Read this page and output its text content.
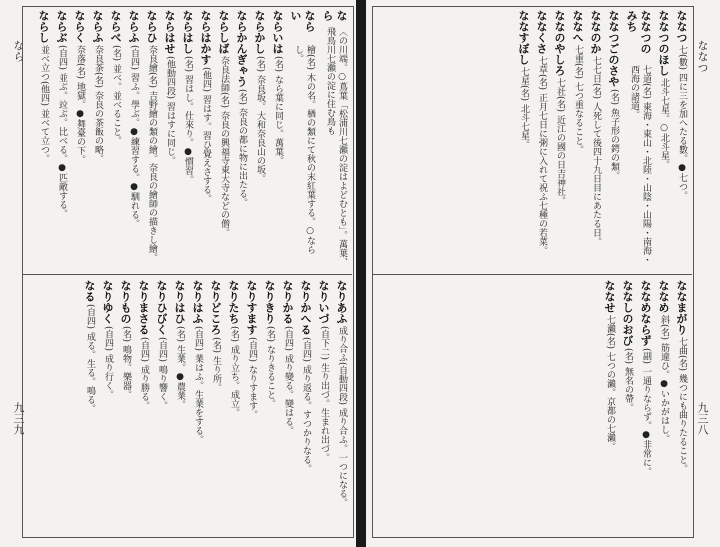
なら
九三九
なら
〈の川端。○蔦葉「松浦川七瀬の淀はよどむとも」。萬葉、飛鳥川七瀬の淀に住む鳥も
ならい
檜(名) 木の名。楢の類にて秋の末紅葉する。○ならし。
ならいは
(名) なら葉に同じ。萬葉。
ならかし
(名) 奈良坂。大和奈良山の坂。
ならかんぎゃう
(名) 奈良の都に物に出たる。
ならしば
奈良法師(名) 奈良の興福寺東大寺などの僧。
ならはかす
(他四) 習はす。習ひ覺えさする。
ならはし
(名) 習はし。仕來り。●慣習。
ならはせ
(他動四段) 習はすに同じ。
ならひ
奈良繪(名) 吉野繪の類の繪。奈良の繪師の描きし繪。
ならふ
(自四) 習ふ。學ぶ。●練習する。●馴れる。
ならべ
(名) 並べ。並べること。
ならふ
奈良茶(名) 奈良の茶飯の略。
ならく
奈落(名) 地獄。●舞臺の下。
ならぶ
(自四) 並ぶ。竝ぶ。比べる。●匹敵する。
ならし
並べ立つ(他四) 並べて立つ。
なりあふ
成り合ふ(自動四段) 成り合ふ。一つになる。
なりいづ
(自下二) 生り出づ。生まれ出づ。
なりかへる
(自四) 成り返る。すつかりなる。
なりかる
(自四) 成り變る。變はる。
なりきり
(名) なりきること。
なりすます
(自四) なりすます。
なりたち
(名) 成り立ち。成立。
なりどころ
(名) 生り所。
なりはふ
(自四) 業はふ。生業をする。
なりはひ
(名) 生業。●農業。
なりひびく
(自四) 鳴り響く。
なりまさる
(自四) 成り勝る。
なりもの
(名) 鳴物。樂器。
なりゆく
(自四) 成り行く。
なる
(自四) 成る。生る。鳴る。
ななつ
九三八
ななつ
七(數) 四に三を加へたる數。●七つ。
ななつのほし
北斗七星。○北斗星。
ななつのみち
七道(名) 東海・東山・北陸・山陰・山陽・南海・西海の諸道。
ななつごのさや
(名) 魚子形の鍔の類。
ななのか
七七日(名) 人死して後四十九日目にあたる日。
ななへ
七重(名) 七つ重なること。
ななのやしろ
七社(名) 近江の國の日吉神社。
ななくさ
七草(名) 正月七日に粥に入れて祝ふ七種の若菜。
ななすぼし
七星(名) 北斗七星。
ななまがり
七曲(名) 幾つにも曲りたること。
ななめ
斜(名) 筋違ひ。●いかがはし。
ななめならず
(副) 一通りならず。●非常に。
ななしのおび
(名) 無名の帶。
ななせ
七瀨(名) 七つの瀨。京都の七瀨。
